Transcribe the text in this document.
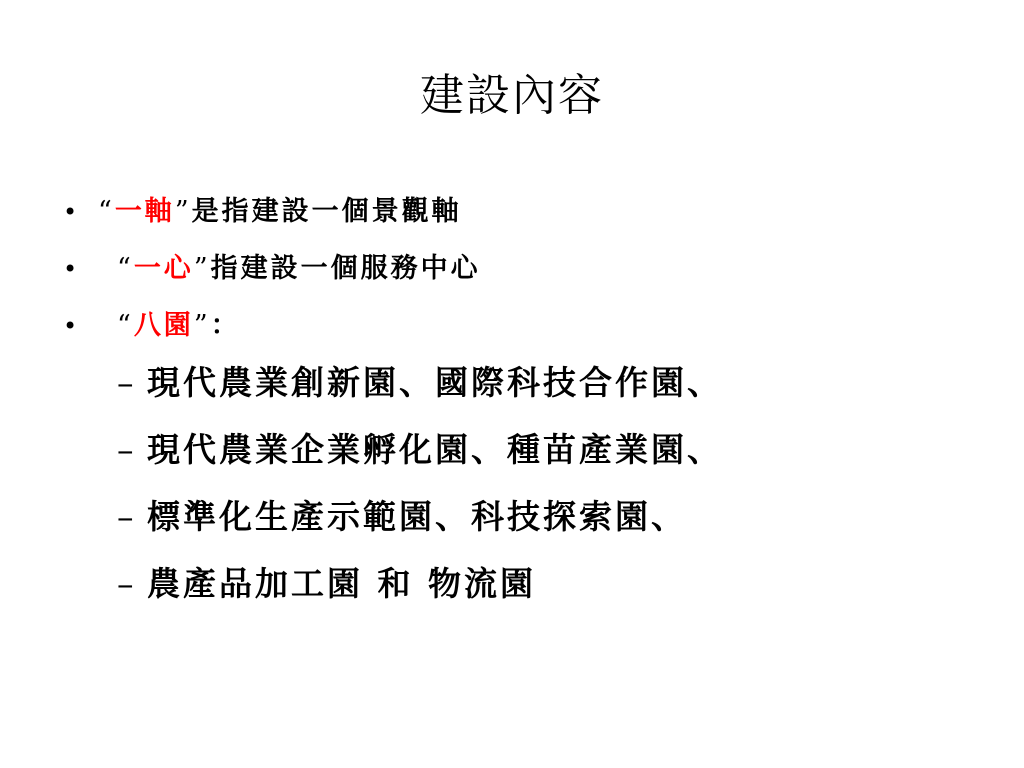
建設內容
• “一軸”是指建設一個景觀軸
• “一心”指建設一個服務中心
• “八園”：
– 現代農業創新園、國際科技合作園、
– 現代農業企業孵化園、種苗產業園、
– 標準化生產示範園、科技探索園、
– 農產品加工園 和 物流園
